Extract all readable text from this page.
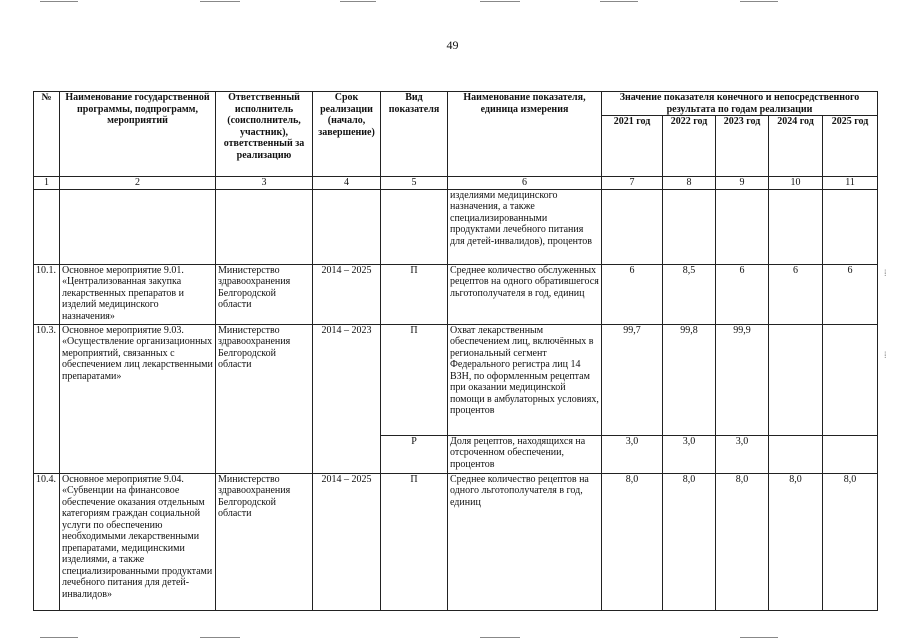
49
№	Наименование государственной программы, подпрограмм, мероприятий	Ответственный исполнитель (соисполнитель, участник), ответственный за реализацию	Срок реализации (начало, завершение)	Вид показателя	Наименование показателя, единица измерения	Значение показателя конечного и непосредственного результата по годам реализации				
						2021 год	2022 год	2023 год	2024 год	2025 год
1	2	3	4	5	6	7	8	9	10	11
					изделиями медицинского назначения, а также специализированными продуктами лечебного питания для детей-инвалидов), процентов					
10.1.	Основное мероприятие 9.01. «Централизованная закупка лекарственных препаратов и изделий медицинского назначения»	Министерство здравоохранения Белгородской области	2014 – 2025	П	Среднее количество обслуженных рецептов на одного обратившегося льготополучателя в год, единиц	6	8,5	6	6	6
10.3.	Основное мероприятие 9.03. «Осуществление организационных мероприятий, связанных с обеспечением лиц лекарственными препаратами»	Министерство здравоохранения Белгородской области	2014 – 2023	П	Охват лекарственным обеспечением лиц, включённых в региональный сегмент Федерального регистра лиц 14 ВЗН, по оформленным рецептам при оказании медицинской помощи в амбулаторных условиях, процентов	99,7	99,8	99,9		
				Р	Доля рецептов, находящихся на отсроченном обеспечении, процентов	3,0	3,0	3,0		
10.4.	Основное мероприятие 9.04. «Субвенции на финансовое обеспечение оказания отдельным категориям граждан социальной услуги по обеспечению необходимыми лекарственными препаратами, медицинскими изделиями, а также специализированными продуктами лечебного питания для детей-инвалидов»	Министерство здравоохранения Белгородской области	2014 – 2025	П	Среднее количество рецептов на одного льготополучателя в год, единиц	8,0	8,0	8,0	8,0	8,0
⁞
⁞
